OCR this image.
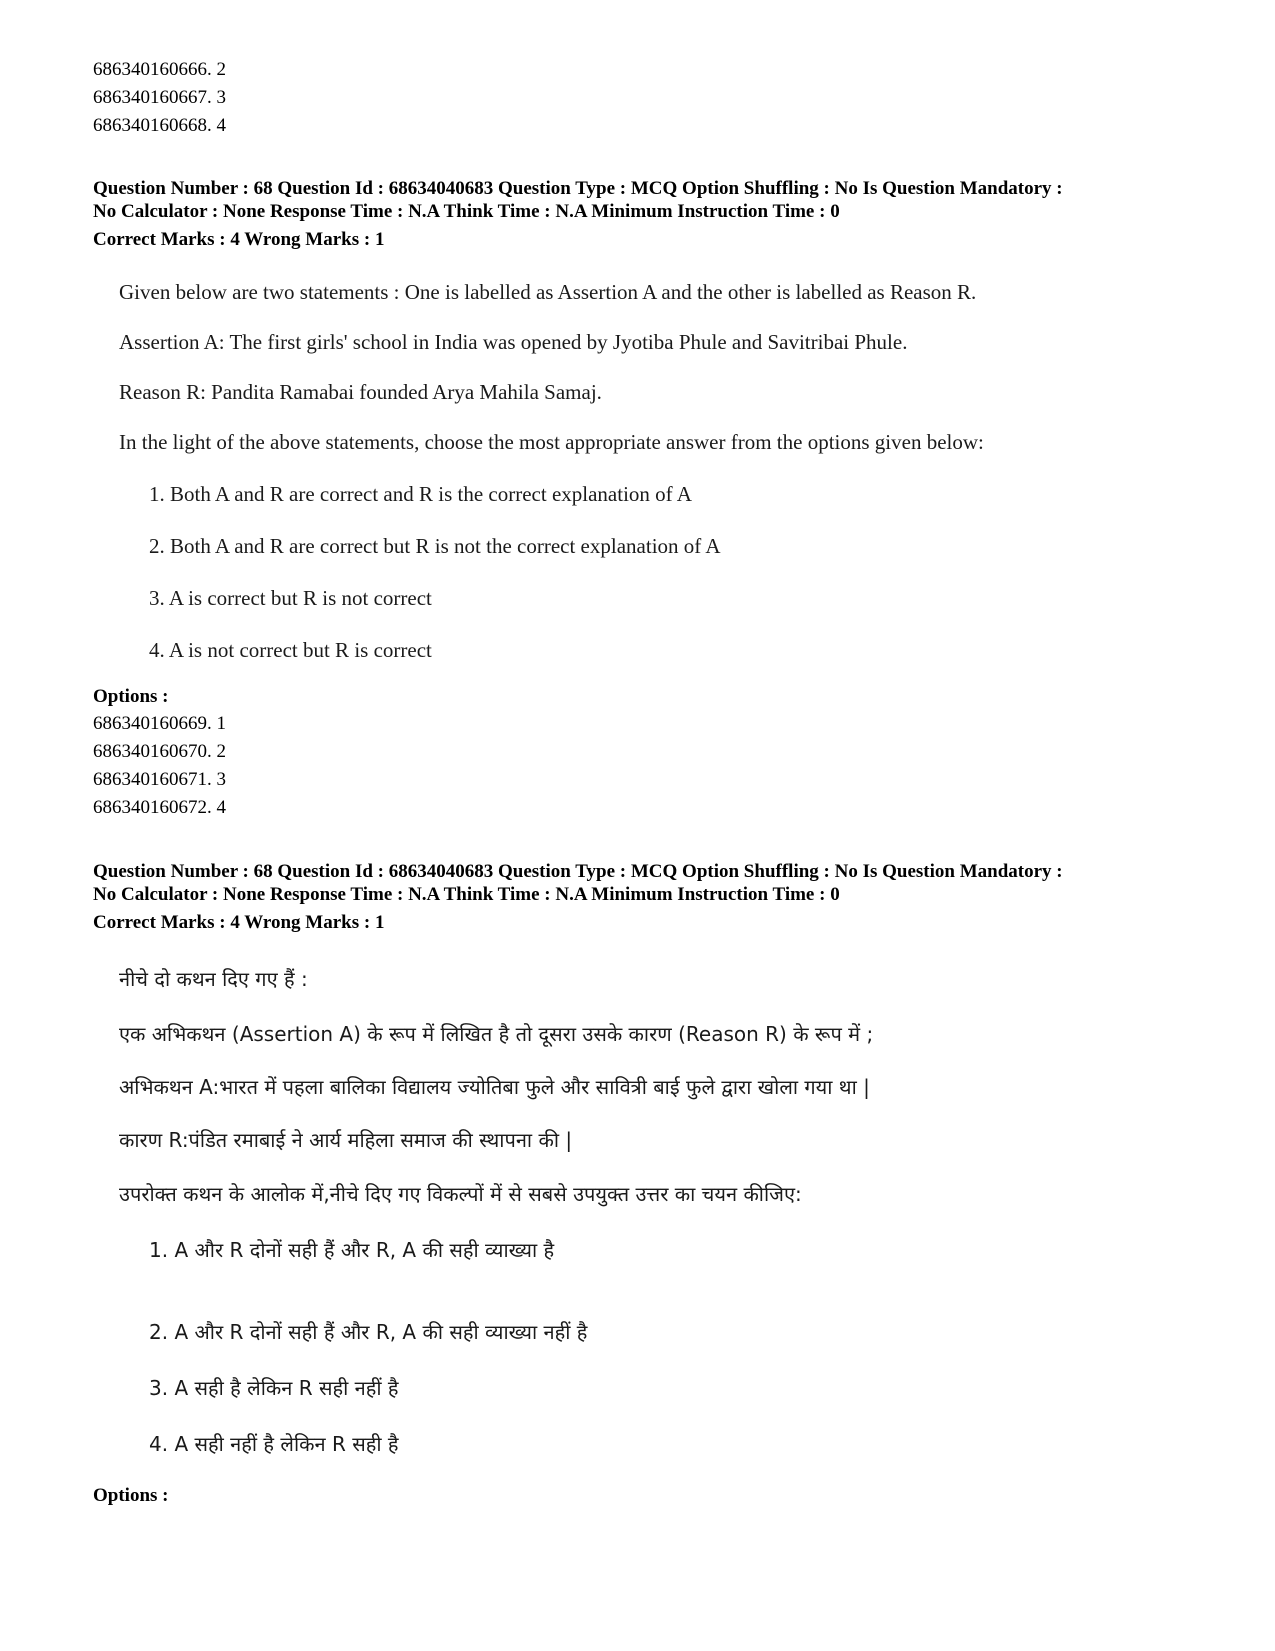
686340160666. 2
686340160667. 3
686340160668. 4
Question Number : 68 Question Id : 68634040683 Question Type : MCQ Option Shuffling : No Is Question Mandatory :
No Calculator : None Response Time : N.A Think Time : N.A Minimum Instruction Time : 0
Correct Marks : 4 Wrong Marks : 1
Given below are two statements : One is labelled as Assertion A and the other is labelled as Reason R.
Assertion A: The first girls' school in India was opened by Jyotiba Phule and Savitribai Phule.
Reason R: Pandita Ramabai founded Arya Mahila Samaj.
In the light of the above statements, choose the most appropriate answer from the options given below:
1. Both A and R are correct and R is the correct explanation of A
2. Both A and R are correct but R is not the correct explanation of A
3. A is correct but R is not correct
4. A is not correct but R is correct
Options :
686340160669. 1
686340160670. 2
686340160671. 3
686340160672. 4
Question Number : 68 Question Id : 68634040683 Question Type : MCQ Option Shuffling : No Is Question Mandatory :
No Calculator : None Response Time : N.A Think Time : N.A Minimum Instruction Time : 0
Correct Marks : 4 Wrong Marks : 1
नीचे दो कथन दिए गए हैं :
एक अभिकथन (Assertion A) के रूप में लिखित है तो दूसरा उसके कारण (Reason R) के रूप में ;
अभिकथन A:भारत में पहला बालिका विद्यालय ज्योतिबा फुले और सावित्री बाई फुले द्वारा खोला गया था |
कारण R:पंडित रमाबाई ने आर्य महिला समाज की स्थापना की |
उपरोक्त कथन के आलोक में,नीचे दिए गए विकल्पों में से सबसे उपयुक्त उत्तर का चयन कीजिए:
1. A और R दोनों सही हैं और R, A की सही व्याख्या है
2. A और R दोनों सही हैं और R, A की सही व्याख्या नहीं है
3. A सही है लेकिन R सही नहीं है
4. A सही नहीं है लेकिन R सही है
Options :
